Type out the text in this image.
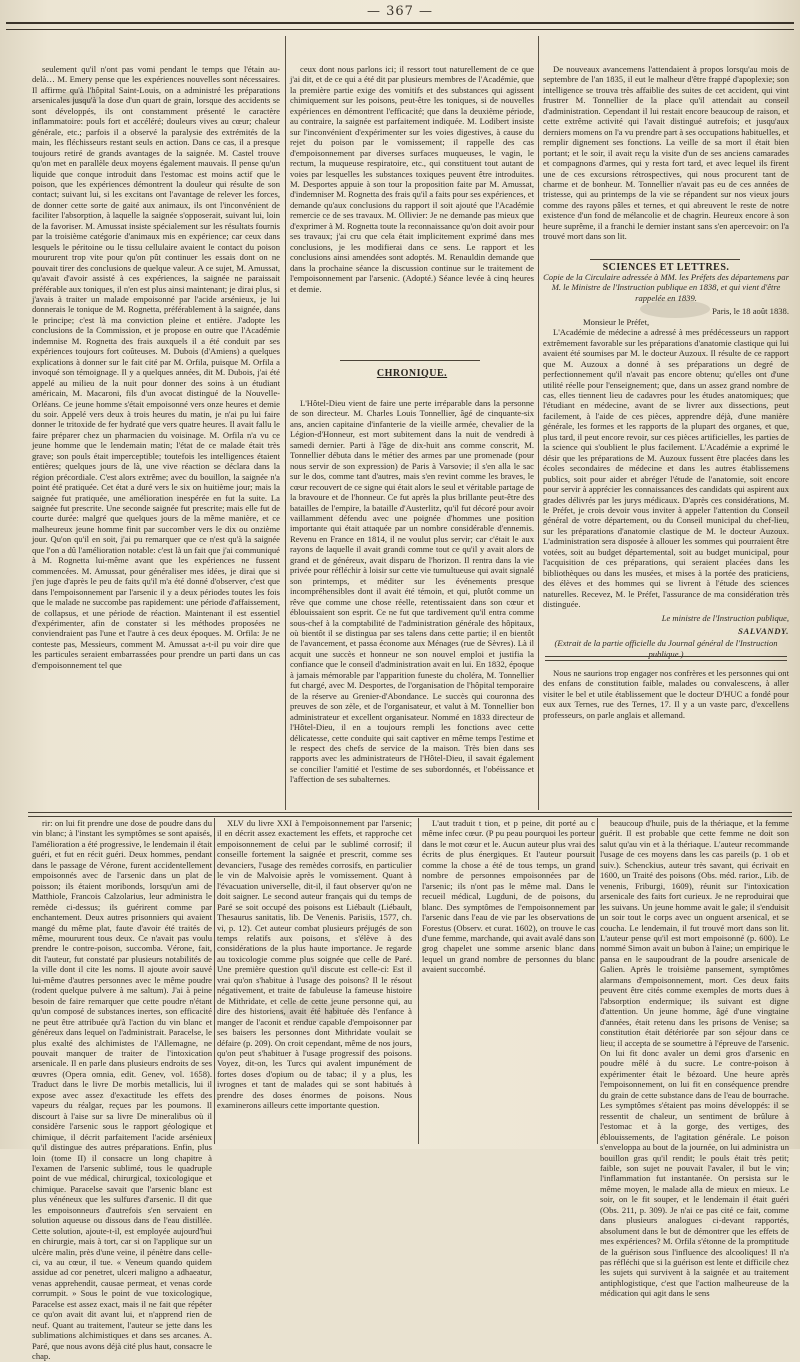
— 367 —

seulement qu'il n'ont pas vomi pendant le temps que l'étain au-delà… M. Emery pense que les expériences nouvelles sont nécessaires. Il affirme qu'à l'hôpital Saint-Louis, on a administré les préparations arsenicales jusqu'à la dose d'un quart de grain, lorsque des accidents se sont développés, ils ont constamment présenté le caractère inflammatoire: pouls fort et accéléré; douleurs vives au cœur; chaleur générale, etc.; parfois il a observé la paralysie des extrémités de la main, les fléchisseurs restant seuls en action. Dans ce cas, il a presque toujours retiré de grands avantages de la saignée. M. Castel trouve qu'on met en parallèle deux moyens également mauvais. Il pense qu'un liquide que conque introduit dans l'estomac est moins actif que le poison, que les expériences démontrent la douleur qui résulte de son contact; suivant lui, si les excitans ont l'avantage de relever les forces, de donner cette sorte de gaité aux animaux, ils ont l'inconvénient de faciliter l'absorption, à laquelle la saignée s'opposerait, suivant lui, loin de la favoriser. M. Amussat insiste spécialement sur les résultats fournis par la troisième catégorie d'animaux mis en expérience; car ceux dans lesquels le péritoine ou le tissu cellulaire avaient le contact du poison moururent trop vite pour qu'on pût continuer les essais dont on ne pouvait tirer des conclusions de quelque valeur. A ce sujet, M. Amussat, qu'avait d'avoir assisté à ces expériences, la saignée ne paraissait préférable aux toniques, il n'en est plus ainsi maintenant; je dirai plus, si j'avais à traiter un malade empoisonné par l'acide arsénieux, je lui donnerais le tonique de M. Rognetta, préférablement à la saignée, dans le principe; c'est là ma conviction pleine et entière. J'adopte les conclusions de la Commission, et je propose en outre que l'Académie indemnise M. Rognetta des frais auxquels il a été conduit par ses expériences toujours fort coûteuses. M. Dubois (d'Amiens) a quelques explications à donner sur le fait cité par M. Orfila, puisque M. Orfila a invoqué son témoignage. Il y a quelques années, dit M. Dubois, j'ai été appelé au milieu de la nuit pour donner des soins à un étudiant américain, M. Macaroni, fils d'un avocat distingué de la Nouvelle-Orléans. Ce jeune homme s'était empoisonné vers onze heures et demie du soir. Appelé vers deux à trois heures du matin, je n'ai pu lui faire donner le tritoxide de fer hydraté que vers quatre heures. Il avait fallu le faire préparer chez un pharmacien du voisinage. M. Orfila n'a vu ce jeune homme que le lendemain matin; l'état de ce malade était très grave; son pouls était imperceptible; toutefois les intelligences étaient entières; quelques jours de là, une vive réaction se déclara dans la région précordiale. C'est alors extrême; avec du bouillon, la saignée n'a point été pratiquée. Cet état a duré vers le six on huitième jour; mais la saignée fut pratiquée, une amélioration inespérée en fut la suite. La saignée fut prescrite. Une seconde saignée fut prescrite; mais elle fut de courte durée: malgré que quelques jours de la même manière, et ce malheureux jeune homme finit par succomber vers le dix ou onzième jour. Qu'on qu'il en soit, j'ai pu remarquer que ce n'est qu'à la saignée que l'on a dû l'amélioration notable: c'est là un fait que j'ai communiqué à M. Rognetta lui-même avant que les expériences ne fussent commencées. M. Amussat, pour généraliser mes idées, je dirai que si j'en juge d'après le peu de faits qu'il m'a été donné d'observer, c'est que dans l'empoisonnement par l'arsenic il y a deux périodes toutes les fois que le malade ne succombe pas rapidement: une période d'affaissement, de collapsus, et une période de réaction. Maintenant il est essentiel d'expérimenter, afin de constater si les méthodes proposées ne conviendraient pas l'une et l'autre à ces deux époques. M. Orfila: Je ne conteste pas, Messieurs, comment M. Amussat a-t-il pu voir dire que les particules seraient embarrassées pour prendre un parti dans un cas d'empoisonnement tel que

ceux dont nous parlons ici; il ressort tout naturellement de ce que j'ai dit, et de ce qui a été dit par plusieurs membres de l'Académie, que la première partie exige des vomitifs et des substances qui agissent chimiquement sur les poisons, peut-être les toniques, si de nouvelles expériences en démontrent l'efficacité; que dans la deuxième période, au contraire, la saignée est parfaitement indiquée. M. Lodibert insiste sur l'inconvénient d'expérimenter sur les voies digestives, à cause du rejet du poison par le vomissement; il rappelle des cas d'empoisonnement par diverses surfaces muqueuses, le vagin, le rectum, la muqueuse respiratoire, etc., qui constituent tout autant de voies par lesquelles les substances toxiques peuvent être introduites. M. Desportes appuie à son tour la proposition faite par M. Amussat, d'indemniser M. Rognetta des frais qu'il a faits pour ses expériences, et demande qu'aux conclusions du rapport il soit ajouté que l'Académie remercie ce de ses travaux. M. Ollivier: Je ne demande pas mieux que d'exprimer à M. Rognetta toute la reconnaissance qu'on doit avoir pour ses travaux; j'ai cru que cela était implicitement exprimé dans mes conclusions, je les modifierai dans ce sens. Le rapport et les conclusions ainsi amendées sont adoptés. M. Renauldin demande que dans la prochaine séance la discussion continue sur le traitement de l'empoisonnement par l'arsenic. (Adopté.) Séance levée à cinq heures et demie.

CHRONIQUE.

L'Hôtel-Dieu vient de faire une perte irréparable dans la personne de son directeur. M. Charles Louis Tonnellier, âgé de cinquante-six ans, ancien capitaine d'infanterie de la vieille armée, chevalier de la Légion-d'Honneur, est mort subitement dans la nuit de vendredi à samedi dernier. Parti à l'âge de dix-huit ans comme conscrit, M. Tonnellier débuta dans le métier des armes par une promenade (pour nous servir de son expression) de Paris à Varsovie; il s'en alla le sac sur le dos, comme tant d'autres, mais s'en revint comme les braves, le cœur recouvert de ce signe qui était alors le seul et véritable partage de la bravoure et de l'honneur. Ce fut après la plus brillante peut-être des batailles de l'empire, la bataille d'Austerlitz, qu'il fut décoré pour avoir vaillamment défendu avec une poignée d'hommes une position importante qui était attaquée par un nombre considérable d'ennemis. Revenu en France en 1814, il ne voulut plus servir; car c'était le aux rayons de laquelle il avait grandi comme tout ce qu'il y avait alors de grand et de généreux, avait disparu de l'horizon. Il rentra dans la vie privée pour réfléchir à loisir sur cette vie tumultueuse qui avait signalé son printemps, et méditer sur les événements presque incompréhensibles dont il avait été témoin, et qui, plutôt comme un rêve que comme une chose réelle, retentissaient dans son cœur et éblouissaient son esprit. Ce ne fut que tardivement qu'il entra comme sous-chef à la comptabilité de l'administration générale des hôpitaux, où bientôt il se distingua par ses talens dans cette partie; il en bientôt de l'avancement, et passa économe aux Ménages (rue de Sèvres). Là il acquit une succès et honneur ne son nouvel emploi et justifia la confiance que le conseil d'administration avait en lui. En 1832, époque à jamais mémorable par l'apparition funeste du choléra, M. Tonnellier fut chargé, avec M. Desportes, de l'organisation de l'hôpital temporaire de la réserve au Grenier-d'Abondance. Le succès qui couronna des preuves de son zèle, et de l'organisateur, et valut à M. Tonnellier bon administrateur et excellent organisateur. Nommé en 1833 directeur de l'Hôtel-Dieu, il en a toujours rempli les fonctions avec cette délicatesse, cette conduite qui sait captiver en même temps l'estime et le respect des chefs de service de la maison. Très bien dans ses rapports avec les administrateurs de l'Hôtel-Dieu, il savait également se concilier l'amitié et l'estime de ses subordonnés, et l'obéissance et l'affection de ses subalternes.

De nouveaux avancemens l'attendaient à propos lorsqu'au mois de septembre de l'an 1835, il eut le malheur d'être frappé d'apoplexie; son intelligence se trouva très affaiblie des suites de cet accident, qui vint frustrer M. Tonnellier de la place qu'il attendait au conseil d'administration. Cependant il lui restait encore beaucoup de raison, et cette extrême activité qui l'avait distingué autrefois; et jusqu'aux derniers momens on l'a vu prendre part à ses occupations habituelles, et remplir dignement ses fonctions. La veille de sa mort il était bien portant; et le soir, il avait reçu la visite d'un de ses anciens camarades et compagnons d'armes, qui y resta fort tard, et avec lequel ils firent une de ces excursions rétrospectives, qui nous procurent tant de charme et de bonheur. M. Tonnellier n'avait pas eu de ces années de tristesse, qui au printemps de la vie se répandent sur nos vieux jours comme des rayons pâles et ternes, et qui abreuvent le reste de notre existence d'un fond de mélancolie et de chagrin. Heureux encore à son heure suprême, il a franchi le dernier instant sans s'en apercevoir: on l'a trouvé mort dans son lit.

SCIENCES ET LETTRES.
Copie de la Circulaire adressée à MM. les Préfets des départemens par M. le Ministre de l'Instruction publique en 1838, et qui vient d'être rappelée en 1839.
Paris, le 18 août 1838.
Monsieur le Préfet,

L'Académie de médecine a adressé à mes prédécesseurs un rapport extrêmement favorable sur les préparations d'anatomie clastique qui lui avaient été soumises par M. le docteur Auzoux. Il résulte de ce rapport que M. Auzoux a donné à ses préparations un degré de perfectionnement qu'il n'avait pas encore obtenu; qu'elles ont d'une utilité réelle pour l'enseignement; que, dans un assez grand nombre de cas, elles tiennent lieu de cadavres pour les études anatomiques; que l'étudiant en médecine, avant de se livrer aux dissections, peut facilement, à l'aide de ces pièces, apprendre déjà, d'une manière générale, les formes et les rapports de la plupart des organes, et que, plus tard, il peut encore revoir, sur ces pièces artificielles, les parties de la science qui s'oublient le plus facilement. L'Académie a exprimé le désir que les préparations de M. Auzoux fussent être placées dans les écoles secondaires de médecine et dans les autres établissemens publics, soit pour aider et abréger l'étude de l'anatomie, soit encore pour servir à apprécier les connaissances des candidats qui aspirent aux grades délivrés par les jurys médicaux. D'après ces considérations, M. le Préfet, je crois devoir vous inviter à appeler l'attention du Conseil général de votre département, ou du Conseil municipal du chef-lieu, sur les préparations d'anatomie clastique de M. le docteur Auzoux. L'administration sera disposée à allouer les sommes qui pourraient être votées, soit au budget départemental, soit au budget municipal, pour l'acquisition de ces préparations, qui seraient placées dans les bibliothèques ou dans les musées, et mises à la portée des praticiens, des élèves et des hommes qui se livrent à l'étude des sciences naturelles. Recevez, M. le Préfet, l'assurance de ma considération très distinguée.

Le ministre de l'Instruction publique,
SALVANDY.
(Extrait de la partie officielle du Journal général de l'Instruction publique.)

Nous ne saurions trop engager nos confrères et les personnes qui ont des enfans de constitution faible, malades ou convalescens, à aller visiter le bel et utile établissement que le docteur D'HUC a fondé pour eux aux Ternes, rue des Ternes, 17. Il y a un vaste parc, d'excellens professeurs, on parle anglais et allemand.

rir: on lui fit prendre une dose de poudre dans du vin blanc; à l'instant les symptômes se sont apaisés, l'amélioration a été progressive, le lendemain il était guéri, et fut en récit guéri. Deux hommes, pendant dans le passage de Vérone, furent accidentellement empoisonnés avec de l'arsenic dans un plat de poisson; ils étaient moribonds, lorsqu'un ami de Matthiole, Francois Calzolarius, leur administra le remède ci-dessus; ils guérirent comme par enchantement. Deux autres prisonniers qui avaient mangé du même plat, faute d'avoir été traités de même, moururent tous deux. Ce n'avait pas voulu prendre le contre-poison, succomba. Vérone, fait, dit l'auteur, fut constaté par plusieurs notabilités de la ville dont il cite les noms. Il ajoute avoir sauvé lui-même d'autres personnes avec le même poudre (rodent quelque pulvere à me saltum). J'ai à peine besoin de faire remarquer que cette poudre n'étant qu'un composé de substances inertes, son efficacité ne peut être attribuée qu'à l'action du vin blanc et généreux dans lequel on l'administrait. Paracelse, le plus exalté des alchimistes de l'Allemagne, ne pouvait manquer de traiter de l'intoxication arsenicale. Il en parle dans plusieurs endroits de ses œuvres (Opera omnia, edit. Genev, vol. 1658). Traduct dans le livre De morbis metallicis, lui il expose avec assez d'exactitude les effets des vapeurs du réalgar, reçues par les poumons. Il discourt à l'aise sur sa livre De mineralibus où il considère l'arsenic sous le rapport géologique et chimique, il décrit parfaitement l'acide arsénieux qu'il distingue des autres préparations. Enfin, plus loin (tome II) il consacre un long chapitre à l'examen de l'arsenic sublimé, tous le quadruple point de vue médical, chirurgical, toxicologique et chimique. Paracelse savait que l'arsenic blanc est plus vénéneux que les sulfures d'arsenic. Il dit que les empoisonneurs d'autrefois s'en servaient en solution aqueuse ou dissous dans de l'eau distillée. Cette solution, ajoute-t-il, est employée aujourd'hui en chirurgie, mais à tort, car si on l'applique sur un ulcère malin, près d'une veine, il pénètre dans celle-ci, va au cœur, il tue. « Veneum quando quidem assidue ad cor penetret, ulceri maligno a adhaeatur, venas apprehendit, causae permeat, et venas corde corrumpit. » Sous le point de vue toxicologique, Paracelse est assez exact, mais il ne fait que répéter ce qu'on avait dit avant lui, et n'apprend rien de neuf. Quant au traitement, l'auteur se jette dans les sublimations alchimistiques et dans ses arcanes. A. Paré, que nous avons déjà cité plus haut, consacre le chap.

XLV du livre XXI à l'empoisonnement par l'arsenic; il en décrit assez exactement les effets, et rapproche cet empoisonnement de celui par le sublimé corrosif; il conseille fortement la saignée et prescrit, comme ses devanciers, l'usage des remèdes corrosifs, en particulier le vin de Malvoisie après le vomissement. Quant à l'évacuation universelle, dit-il, il faut observer qu'on ne doit saigner. Le second auteur français qui du temps de Paré se soit occupé des poisons est Liébault (Liébault, Thesaurus sanitatis, lib. De Venenis. Parisiis, 1577, ch. vi, p. 12). Cet auteur combat plusieurs préjugés de son temps relatifs aux poisons, et s'élève à des considérations de la plus haute importance. Je regarde au toxicologie comme plus soignée que celle de Paré. Une première question qu'il discute est celle-ci: Est il vrai qu'on s'habitue à l'usage des poisons? Il le résout négativement, et traite de fabuleuse la fameuse histoire de Mithridate, et celle de cette jeune personne qui, au dire des historiens, avait été habituée dès l'enfance à manger de l'aconit et rendue capable d'empoisonner par ses baisers les personnes dont Mithridate voulait se défaire (p. 209). On croit cependant, même de nos jours, qu'on peut s'habituer à l'usage progressif des poisons. Voyez, dit-on, les Turcs qui avalent impunément de fortes doses d'opium ou de tabac; il y a plus, les ivrognes et tant de malades qui se sont habitués à prendre des doses énormes de poisons. Nous examinerons ailleurs cette importante question.

L'aut traduit t tion, et p peine, dit porté au c même infec cœur. (P pu peau pourquoi les porteur dans le mot cœur et le. Aucun auteur plus vrai des écrits de plus énergiques. Et l'auteur poursuit comme la chose a été de tous temps, un grand nombre de personnes empoisonnées par de l'arsenic; ils n'ont pas le même mal. Dans le recueil médical, Lugduni, de de poisons, du blanc. Des symptômes de l'empoisonnement par l'arsenic dans l'eau de vie par les observations de Forestus (Observ. et curat. 1602), on trouve le cas d'une femme, marchande, qui avait avalé dans son grog chapelet une somme arsenic blanc dans lequel un grand nombre de personnes du blanc avaient succombé.

beaucoup d'huile, puis de la thériaque, et la femme guérit. Il est probable que cette femme ne doit son salut qu'au vin et à la thériaque. L'auteur recommande l'usage de ces moyens dans les cas pareils (p. 1 ob et suiv.). Schenckius, auteur très savant, qui écrivait en 1600, un Traité des poisons (Obs. méd. rarior., Lib. de venenis, Friburgi, 1609), réunit sur l'intoxication arsenicale des faits fort curieux. Je ne reproduirai que les suivans. Un jeune homme avait le gale; il s'enduisit un soir tout le corps avec un onguent arsenical, et se coucha. Le lendemain, il fut trouvé mort dans son lit. L'auteur pense qu'il est mort empoisonné (p. 600). Le nommé Simon avait un bubon à l'aine; un empirique le pansa en le saupoudrant de la poudre arsenicale de Galien. Après le troisième pansement, symptômes alarmans d'empoisonnement, mort. Ces deux faits peuvent être cités comme exemples de morts dues à l'absorption endermique; ils suivant est digne d'attention. Un jeune homme, âgé d'une vingtaine d'années, était retenu dans les prisons de Venise; sa constitution était détériorée par son séjour dans ce lieu; il accepta de se soumettre à l'épreuve de l'arsenic. On lui fit donc avaler un demi gros d'arsenic en poudre mêlé à du sucre. Le contre-poison à expérimenter était le bézoard. Une heure après l'empoisonnement, on lui fit en conséquence prendre du grain de cette substance dans de l'eau de bourrache. Les symptômes s'étaient pas moins développés: il se ressentit de chaleur, un sentiment de brûlure à l'estomac et à la gorge, des vertiges, des éblouissements, de l'agitation générale. Le poison s'enveloppa au bout de la journée, on lui administra un bouillon gras qu'il rendit; le pouls était très petit; faible, son sujet ne pouvait l'avaler, il but le vin; l'inflammation fut instantanée. On persista sur le même moyen, le malade alla de mieux en mieux. Le soir, on le fit souper, et le lendemain il était guéri (Obs. 211, p. 309). Je n'ai ce pas cité ce fait, comme dans plusieurs analogues ci-devant rapportés, absolument dans le but de démontrer que les effets de mes expériences? M. Orfila s'étonne de la promptitude de la guérison sous l'influence des alcooliques! Il n'a pas réfléchi que si la guérison est lente et difficile chez les sujets qui survivent à la saignée et au traitement antiphlogistique, c'est que l'action malheureuse de la médication qui agit dans le sens
